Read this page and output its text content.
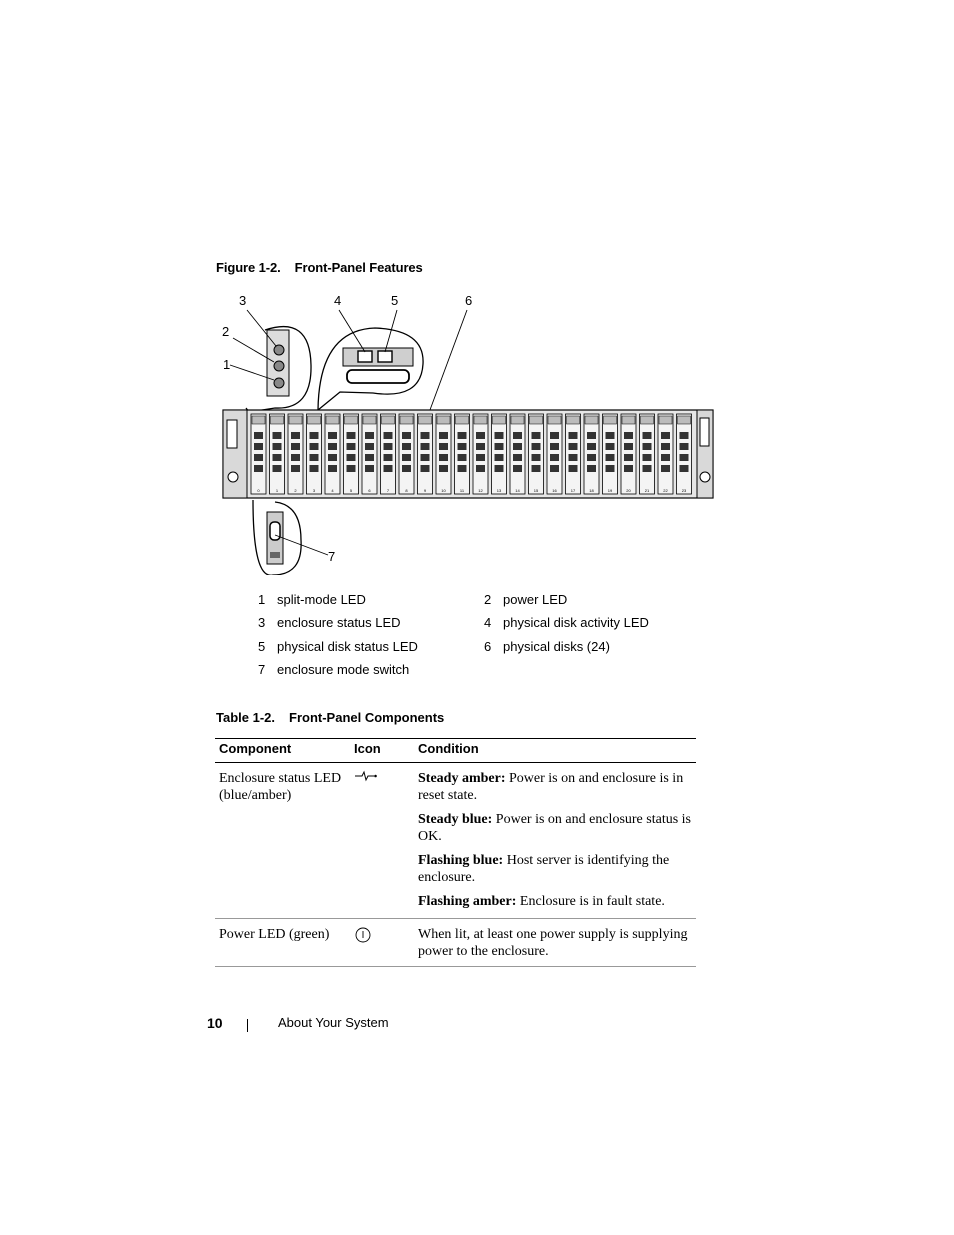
Figure 1-2. Front-Panel Features
0	1	2	3	4	5	6	7	8	9	10	11	12	13	14	15	16	17	18	19	20	21	22	23
3
2
1
4	5	6
7
1 split-mode LED	2 power LED
3 enclosure status LED	4 physical disk activity LED
5 physical disk status LED	6 physical disks (24)
7 enclosure mode switch
Table 1-2. Front-Panel Components
Component	Icon	Condition
Enclosure status LED (blue/amber)		Steady amber: Power is on and enclosure is in reset state.

Steady blue: Power is on and enclosure status is OK.

Flashing blue: Host server is identifying the enclosure.

Flashing amber: Enclosure is in fault state.

Power LED (green)		When lit, at least one power supply is supplying power to the enclosure.
10	About Your System
